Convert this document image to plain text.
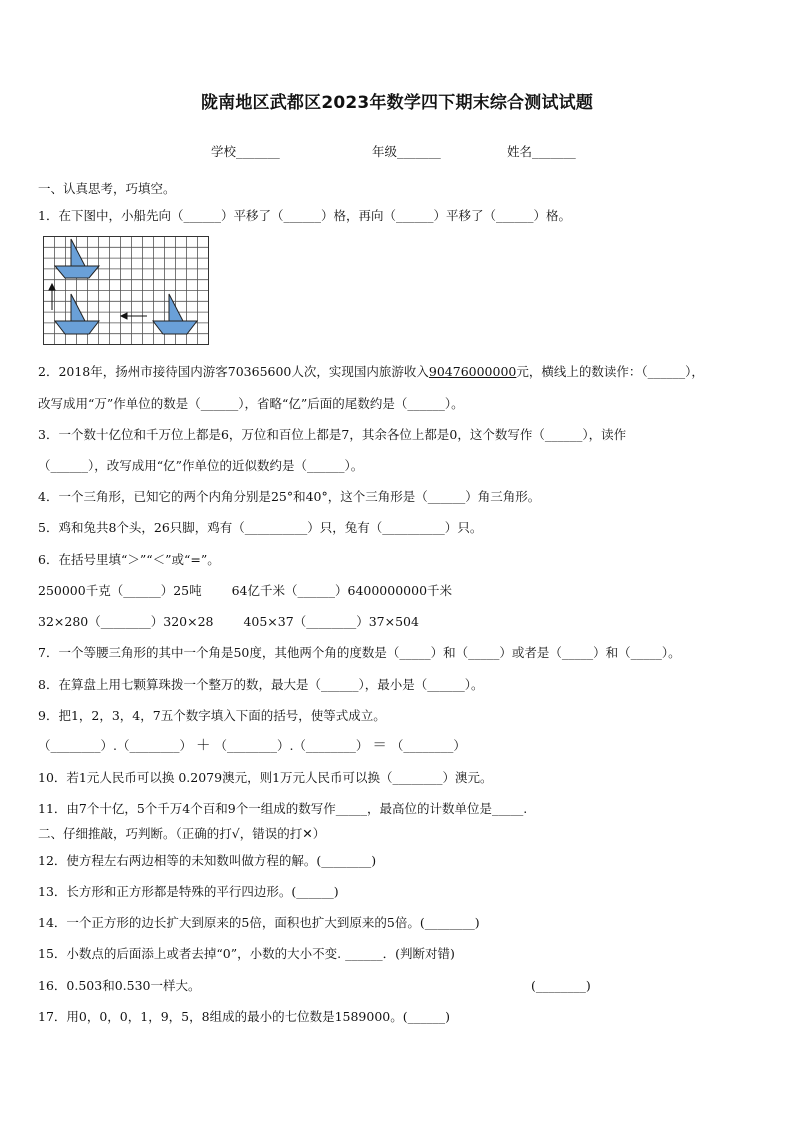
陇南地区武都区2023年数学四下期末综合测试试题
学校_______	年级_______	姓名_______
一、认真思考，巧填空。
1．在下图中，小船先向（______）平移了（______）格，再向（______）平移了（______）格。
2．2018年，扬州市接待国内游客70365600人次，实现国内旅游收入90476000000元，横线上的数读作：（______），
改写成用“万”作单位的数是（______），省略“亿”后面的尾数约是（______）。
3．一个数十亿位和千万位上都是6，万位和百位上都是7，其余各位上都是0，这个数写作（______），读作
（______），改写成用“亿”作单位的近似数约是（______）。
4．一个三角形，已知它的两个内角分别是25°和40°，这个三角形是（______）角三角形。
5．鸡和兔共8个头，26只脚，鸡有（__________）只，兔有（__________）只。
6．在括号里填“＞”“＜”或“=”。
250000千克（______）25吨 64亿千米（______）6400000000千米
32×280（________）320×28 405×37（________）37×504
7．一个等腰三角形的其中一个角是50度，其他两个角的度数是（_____）和（_____）或者是（_____）和（_____）。
8．在算盘上用七颗算珠拨一个整万的数，最大是（______），最小是（______）。
9．把1，2，3，4，7五个数字填入下面的括号，使等式成立。
（________）.（________） ＋ （________）.（________） ＝ （________）
10．若1元人民币可以换 0.2079澳元，则1万元人民币可以换（________）澳元。
11．由7个十亿，5个千万4个百和9个一组成的数写作_____，最高位的计数单位是_____.
二、仔细推敲，巧判断。（正确的打√，错误的打✕）
12．使方程左右两边相等的未知数叫做方程的解。(________)
13．长方形和正方形都是特殊的平行四边形。(______)
14．一个正方形的边长扩大到原来的5倍，面积也扩大到原来的5倍。(________)
15．小数点的后面添上或者去掉“0”，小数的大小不变. ______．(判断对错)
16．0.503和0.530一样大。	(________)
17．用0，0，0，1，9，5，8组成的最小的七位数是1589000。(______)
